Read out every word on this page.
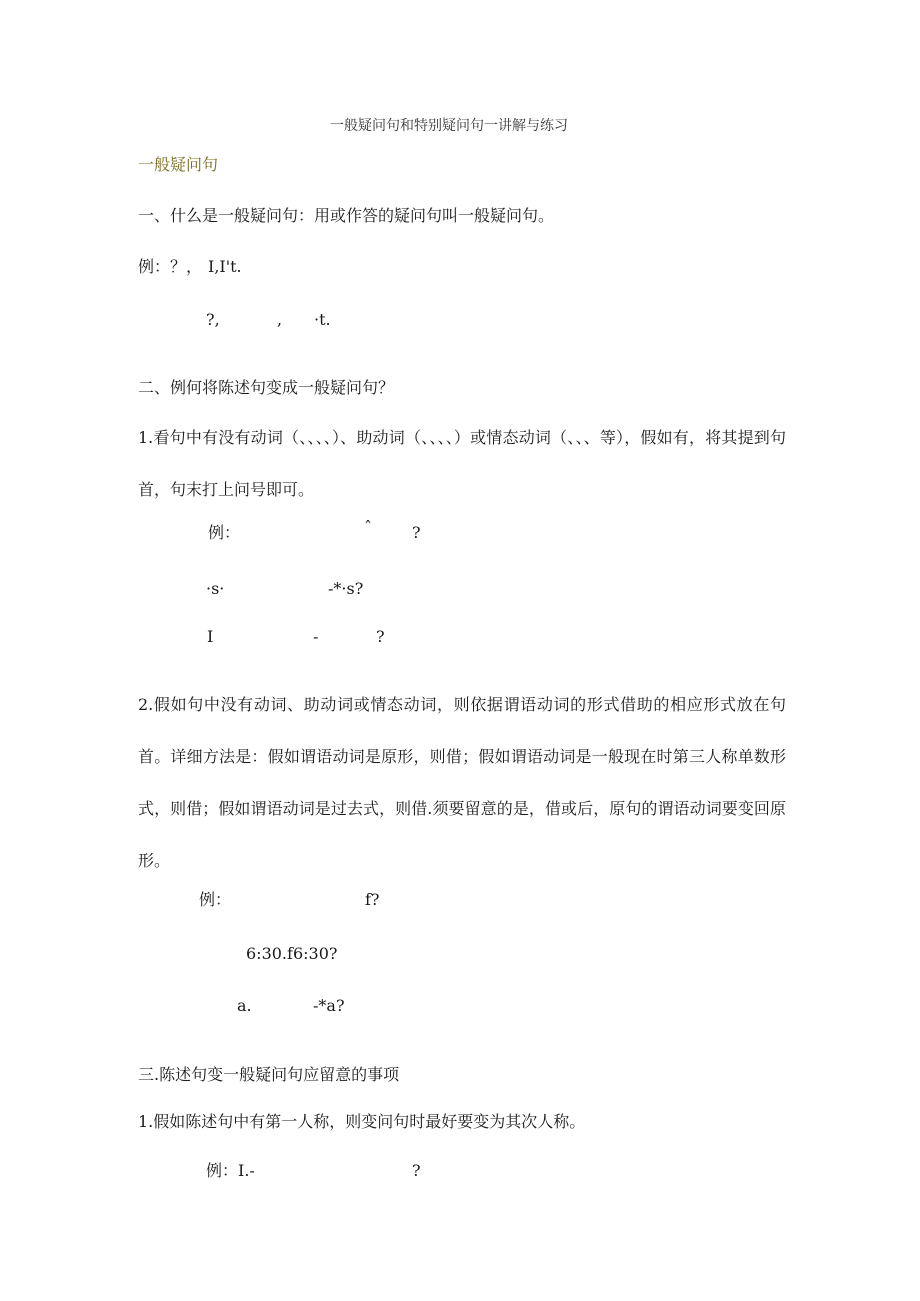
一般疑问句和特别疑问句一讲解与练习
一般疑问句
一、什么是一般疑问句：用或作答的疑问句叫一般疑问句。
例：？， I,I't.
?,	, ·t.
二、例何将陈述句变成一般疑问句？
1.看句中有没有动词（、、、、）、助动词（、、、、）或情态动词（、、、等），假如有，将其提到句首，句末打上问号即可。
例：	ˆ	?
·s·	-*·s?
I	-	?
2.假如句中没有动词、助动词或情态动词，则依据谓语动词的形式借助的相应形式放在句首。详细方法是：假如谓语动词是原形，则借；假如谓语动词是一般现在时第三人称单数形式，则借；假如谓语动词是过去式，则借.须要留意的是，借或后，原句的谓语动词要变回原形。
例：	f?
6:30.f6:30?
a.	-*a?
三.陈述句变一般疑问句应留意的事项
1.假如陈述句中有第一人称，则变问句时最好要变为其次人称。
例：I.-	?
